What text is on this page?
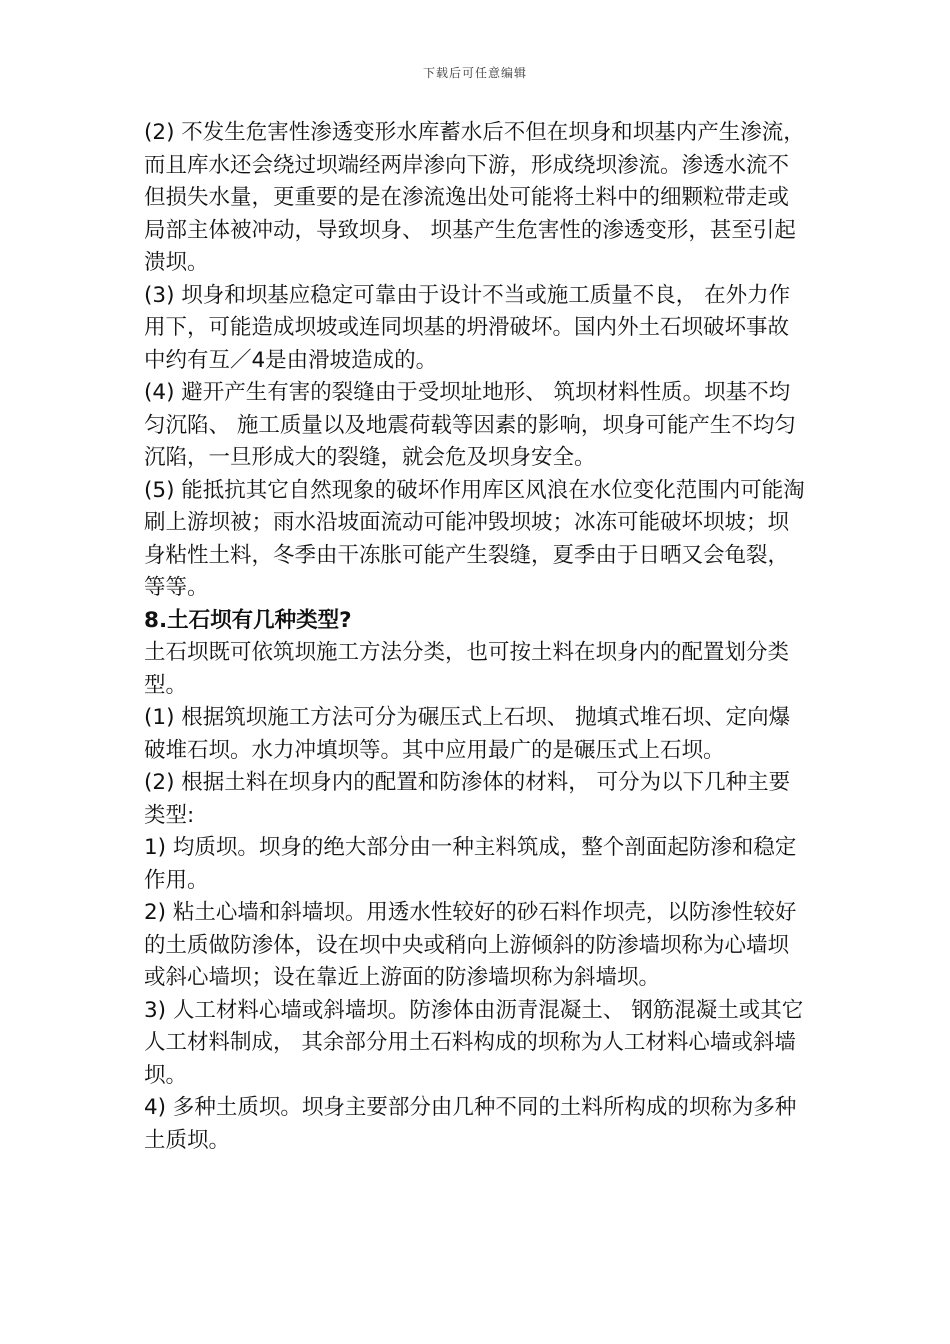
下载后可任意编辑

(2) 不发生危害性渗透变形水库蓄水后不但在坝身和坝基内产生渗流，而且库水还会绕过坝端经两岸渗向下游，形成绕坝渗流。渗透水流不但损失水量，更重要的是在渗流逸出处可能将土料中的细颗粒带走或局部主体被冲动，导致坝身、 坝基产生危害性的渗透变形，甚至引起溃坝。

(3) 坝身和坝基应稳定可靠由于设计不当或施工质量不良， 在外力作用下，可能造成坝坡或连同坝基的坍滑破坏。国内外土石坝破坏事故中约有互／4是由滑坡造成的。

(4) 避开产生有害的裂缝由于受坝址地形、 筑坝材料性质。坝基不均匀沉陷、 施工质量以及地震荷载等因素的影响，坝身可能产生不均匀沉陷，一旦形成大的裂缝，就会危及坝身安全。

(5) 能抵抗其它自然现象的破坏作用库区风浪在水位变化范围内可能淘刷上游坝被；雨水沿坡面流动可能冲毁坝坡；冰冻可能破坏坝坡；坝身粘性土料，冬季由干冻胀可能产生裂缝，夏季由于日晒又会龟裂，等等。

8.土石坝有几种类型?

土石坝既可依筑坝施工方法分类，也可按土料在坝身内的配置划分类型。

(1) 根据筑坝施工方法可分为碾压式上石坝、 抛填式堆石坝、定向爆破堆石坝。水力冲填坝等。其中应用最广的是碾压式上石坝。

(2) 根据土料在坝身内的配置和防渗体的材料， 可分为以下几种主要类型:

1) 均质坝。坝身的绝大部分由一种主料筑成，整个剖面起防渗和稳定作用。

2) 粘土心墙和斜墙坝。用透水性较好的砂石料作坝壳，以防渗性较好的土质做防渗体，设在坝中央或稍向上游倾斜的防渗墙坝称为心墙坝或斜心墙坝；设在靠近上游面的防渗墙坝称为斜墙坝。

3) 人工材料心墙或斜墙坝。防渗体由沥青混凝土、 钢筋混凝土或其它人工材料制成， 其余部分用土石料构成的坝称为人工材料心墙或斜墙坝。

4) 多种土质坝。坝身主要部分由几种不同的土料所构成的坝称为多种土质坝。
